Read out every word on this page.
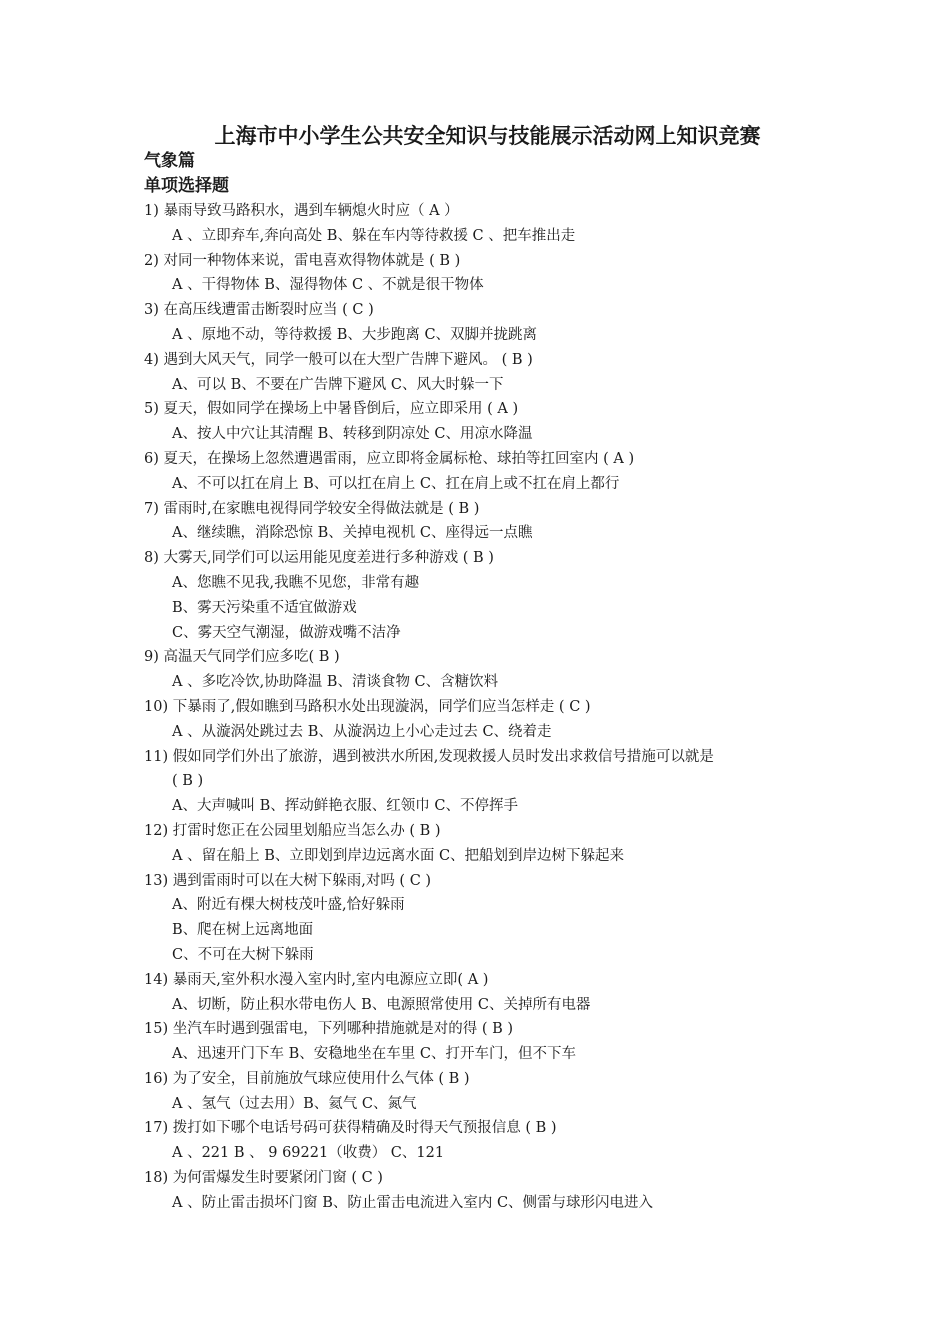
上海市中小学生公共安全知识与技能展示活动网上知识竞赛
气象篇
单项选择题
1) 暴雨导致马路积水，遇到车辆熄火时应（ A ）
A 、立即弃车,奔向高处 B、躲在车内等待救援 C 、把车推出走
2) 对同一种物体来说，雷电喜欢得物体就是 ( B )
A 、干得物体 B、湿得物体 C 、不就是很干物体
3) 在高压线遭雷击断裂时应当 ( C )
A 、原地不动，等待救援 B、大步跑离 C、双脚并拢跳离
4) 遇到大风天气，同学一般可以在大型广告牌下避风。 ( B )
A、可以 B、不要在广告牌下避风 C、风大时躲一下
5) 夏天，假如同学在操场上中暑昏倒后，应立即采用 ( A )
A、按人中穴让其清醒 B、转移到阴凉处 C、用凉水降温
6) 夏天，在操场上忽然遭遇雷雨，应立即将金属标枪、球拍等扛回室内 ( A )
A、不可以扛在肩上 B、可以扛在肩上 C、扛在肩上或不扛在肩上都行
7) 雷雨时,在家瞧电视得同学较安全得做法就是 ( B )
A、继续瞧，消除恐惊 B、关掉电视机 C、座得远一点瞧
8) 大雾天,同学们可以运用能见度差进行多种游戏 ( B )
A、您瞧不见我,我瞧不见您，非常有趣
B、雾天污染重不适宜做游戏
C、雾天空气潮湿，做游戏嘴不洁净
9) 高温天气同学们应多吃( B )
A 、多吃冷饮,协助降温 B、清谈食物 C、含糖饮料
10) 下暴雨了,假如瞧到马路积水处出现漩涡，同学们应当怎样走 ( C )
A 、从漩涡处跳过去 B、从漩涡边上小心走过去 C、绕着走
11) 假如同学们外出了旅游，遇到被洪水所困,发现救援人员时发出求救信号措施可以就是
( B )
A、大声喊叫 B、挥动鲜艳衣服、红领巾 C、不停挥手
12) 打雷时您正在公园里划船应当怎么办 ( B )
A 、留在船上 B、立即划到岸边远离水面 C、把船划到岸边树下躲起来
13) 遇到雷雨时可以在大树下躲雨,对吗 ( C )
A、附近有棵大树枝茂叶盛,恰好躲雨
B、爬在树上远离地面
C、不可在大树下躲雨
14) 暴雨天,室外积水漫入室内时,室内电源应立即( A )
A、切断，防止积水带电伤人 B、电源照常使用 C、关掉所有电器
15) 坐汽车时遇到强雷电，下列哪种措施就是对的得 ( B )
A、迅速开门下车 B、安稳地坐在车里 C、打开车门，但不下车
16) 为了安全，目前施放气球应使用什么气体 ( B )
A 、氢气（过去用）B、氦气 C、氮气
17) 拨打如下哪个电话号码可获得精确及时得天气预报信息 ( B )
A 、221 B 、 9 69221（收费） C、121
18) 为何雷爆发生时要紧闭门窗 ( C )
A 、防止雷击损坏门窗 B、防止雷击电流进入室内 C、侧雷与球形闪电进入
